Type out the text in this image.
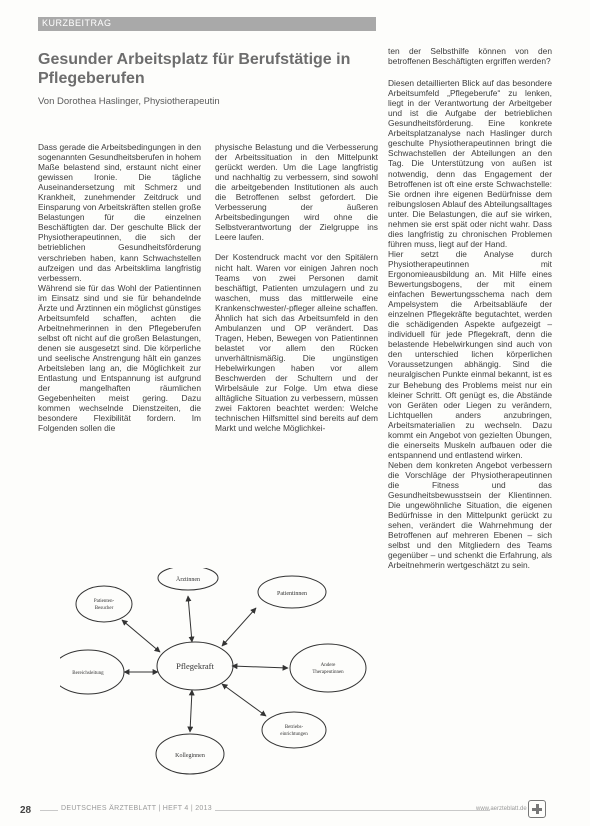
KURZBEITRAG
Gesunder Arbeitsplatz für Berufstätige in Pflegeberufen
Von Dorothea Haslinger, Physiotherapeutin

Dass gerade die Arbeitsbedingungen in den sogenannten Gesundheitsberufen in hohem Maße belastend sind, erstaunt nicht einer gewissen Ironie. Die tägliche Auseinandersetzung mit Schmerz und Krankheit, zunehmender Zeitdruck und Einsparung von Arbeitskräften stellen große Belastungen für die einzelnen Beschäftigten dar. Der geschulte Blick der Physiotherapeutinnen, die sich der betrieblichen Gesundheitsförderung verschrieben haben, kann Schwachstellen aufzeigen und das Arbeitsklima langfristig verbessern.

Während sie für das Wohl der Patientinnen im Einsatz sind und sie für behandelnde Ärzte und Ärztinnen ein möglichst günstiges Arbeitsumfeld schaffen, achten die Arbeitnehmerinnen in den Pflegeberufen selbst oft nicht auf die großen Belastungen, denen sie ausgesetzt sind. Die körperliche und seelische Anstrengung hält ein ganzes Arbeitsleben lang an, die Möglichkeit zur Entlastung und Entspannung ist aufgrund der mangelhaften räumlichen Gegebenheiten meist gering. Dazu kommen wechselnde Dienstzeiten, die besondere Flexibilität fordern. Im Folgenden sollen die

physische Belastung und die Verbesserung der Arbeitssituation in den Mittelpunkt gerückt werden. Um die Lage langfristig und nachhaltig zu verbessern, sind sowohl die arbeitgebenden Institutionen als auch die Betroffenen selbst gefordert. Die Verbesserung der äußeren Arbeitsbedingungen wird ohne die Selbstverantwortung der Zielgruppe ins Leere laufen.

Der Kostendruck macht vor den Spitälern nicht halt. Waren vor einigen Jahren noch Teams von zwei Personen damit beschäftigt, Patienten umzulagern und zu waschen, muss das mittlerweile eine Krankenschwester/-pfleger alleine schaffen. Ähnlich hat sich das Arbeitsumfeld in den Ambulanzen und OP verändert. Das Tragen, Heben, Bewegen von Patientinnen belastet vor allem den Rücken unverhältnismäßig. Die ungünstigen Hebelwirkungen haben vor allem Beschwerden der Schultern und der Wirbelsäule zur Folge. Um etwa diese alltägliche Situation zu verbessern, müssen zwei Faktoren beachtet werden: Welche technischen Hilfsmittel sind bereits auf dem Markt und welche Möglichkei-

ten der Selbsthilfe können von den betroffenen Beschäftigten ergriffen werden?

Diesen detaillierten Blick auf das besondere Arbeitsumfeld „Pflegeberufe“ zu lenken, liegt in der Verantwortung der Arbeitgeber und ist die Aufgabe der betrieblichen Gesundheitsförderung. Eine konkrete Arbeitsplatzanalyse nach Haslinger durch geschulte Physiotherapeutinnen bringt die Schwachstellen der Abteilungen an den Tag. Die Unterstützung von außen ist notwendig, denn das Engagement der Betroffenen ist oft eine erste Schwachstelle: Sie ordnen ihre eigenen Bedürfnisse dem reibungslosen Ablauf des Abteilungsalltages unter. Die Belastungen, die auf sie wirken, nehmen sie erst spät oder nicht wahr. Dass dies langfristig zu chronischen Problemen führen muss, liegt auf der Hand.

Hier setzt die Analyse durch Physiotherapeutinnen mit Ergonomieausbildung an. Mit Hilfe eines Bewertungsbogens, der mit einem einfachen Bewertungsschema nach dem Ampelsystem die Arbeitsabläufe der einzelnen Pflegekräfte begutachtet, werden die schädigenden Aspekte aufgezeigt – individuell für jede Pflegekraft, denn die belastende Hebelwirkungen sind auch von den unterschied lichen körperlichen Voraussetzungen abhängig. Sind die neuralgischen Punkte einmal bekannt, ist es zur Behebung des Problems meist nur ein kleiner Schritt. Oft genügt es, die Abstände von Geräten oder Liegen zu verändern, Lichtquellen anders anzubringen, Arbeitsmaterialien zu wechseln. Dazu kommt ein Angebot von gezielten Übungen, die einerseits Muskeln aufbauen oder die entspannend und entlastend wirken.

Neben dem konkreten Angebot verbessern die Vorschläge der Physiotherapeutinnen die Fitness und das Gesundheitsbewusstsein der Klientinnen. Die ungewöhnliche Situation, die eigenen Bedürfnisse in den Mittelpunkt gerückt zu sehen, verändert die Wahrnehmung der Betroffenen auf mehreren Ebenen – sich selbst und den Mitgliedern des Teams gegenüber – und schenkt die Erfahrung, als Arbeitnehmerin wertgeschätzt zu sein.

Pflegekraft
Ärztinnen
Patientinnen
Andere
Therapeutinnen
Betriebs-
einrichtungen
Kolleginnen
Bereichsleitung
Patienten-
Besucher
28	DEUTSCHES ÄRZTEBLATT | HEFT 4 | 2013	www.aerzteblatt.de
